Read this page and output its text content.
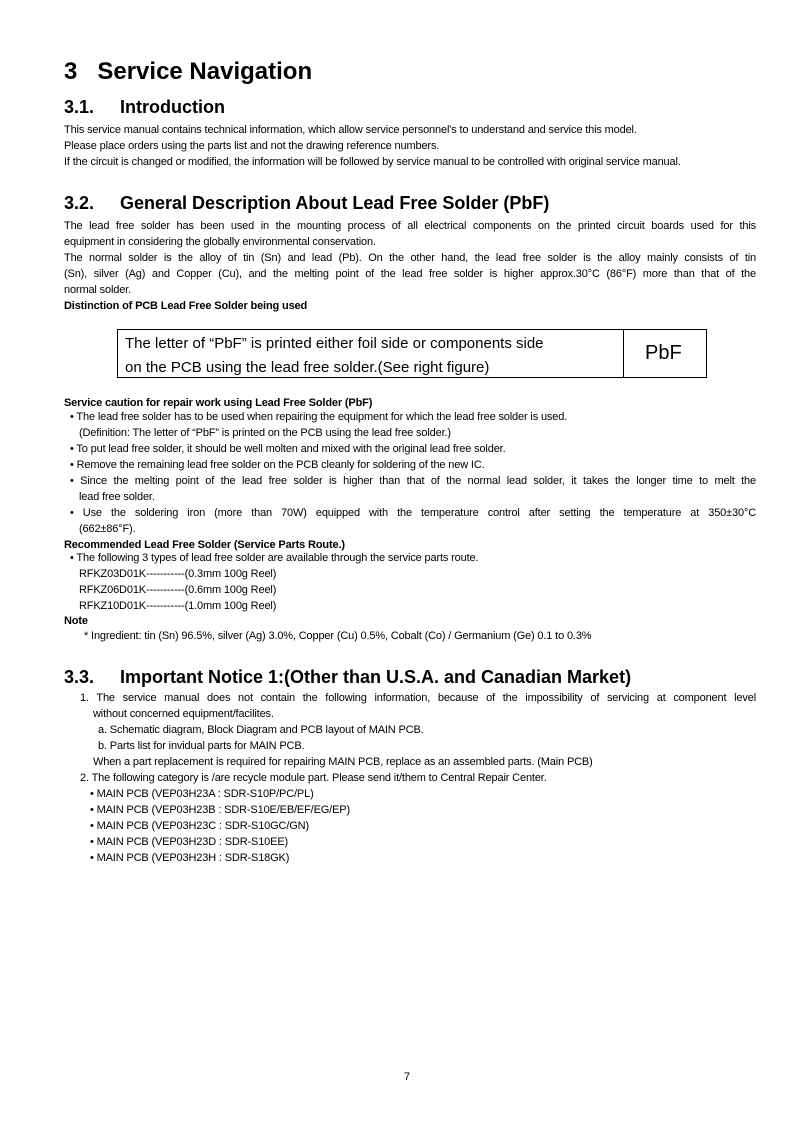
3   Service Navigation
3.1. Introduction
This service manual contains technical information, which allow service personnel's to understand and service this model.
Please place orders using the parts list and not the drawing reference numbers.
If the circuit is changed or modified, the information will be followed by service manual to be controlled with original service manual.
3.2. General Description About Lead Free Solder (PbF)
The lead free solder has been used in the mounting process of all electrical components on the printed circuit boards used for this
equipment in considering the globally environmental conservation.
The normal solder is the alloy of tin (Sn) and lead (Pb). On the other hand, the lead free solder is the alloy mainly consists of tin
(Sn), silver (Ag) and Copper (Cu), and the melting point of the lead free solder is higher approx.30°C (86°F) more than that of the
normal solder.
Distinction of PCB Lead Free Solder being used
The letter of “PbF” is printed either foil side or components side
on the PCB using the lead free solder.(See right figure)
PbF
Service caution for repair work using Lead Free Solder (PbF)
• The lead free solder has to be used when repairing the equipment for which the lead free solder is used.
(Definition: The letter of “PbF” is printed on the PCB using the lead free solder.)
• To put lead free solder, it should be well molten and mixed with the original lead free solder.
• Remove the remaining lead free solder on the PCB cleanly for soldering of the new IC.
• Since the melting point of the lead free solder is higher than that of the normal lead solder, it takes the longer time to melt the
lead free solder.
• Use the soldering iron (more than 70W) equipped with the temperature control after setting the temperature at 350±30°C
(662±86°F).
Recommended Lead Free Solder (Service Parts Route.)
• The following 3 types of lead free solder are available through the service parts route.
RFKZ03D01K-----------(0.3mm 100g Reel)
RFKZ06D01K-----------(0.6mm 100g Reel)
RFKZ10D01K-----------(1.0mm 100g Reel)
Note
* Ingredient: tin (Sn) 96.5%, silver (Ag) 3.0%, Copper (Cu) 0.5%, Cobalt (Co) / Germanium (Ge) 0.1 to 0.3%
3.3. Important Notice 1:(Other than U.S.A. and Canadian Market)
1. The service manual does not contain the following information, because of the impossibility of servicing at component level
without concerned equipment/facilites.
a. Schematic diagram, Block Diagram and PCB layout of MAIN PCB.
b. Parts list for invidual parts for MAIN PCB.
When a part replacement is required for repairing MAIN PCB, replace as an assembled parts. (Main PCB)
2. The following category is /are recycle module part. Please send it/them to Central Repair Center.
• MAIN PCB (VEP03H23A : SDR-S10P/PC/PL)
• MAIN PCB (VEP03H23B : SDR-S10E/EB/EF/EG/EP)
• MAIN PCB (VEP03H23C : SDR-S10GC/GN)
• MAIN PCB (VEP03H23D : SDR-S10EE)
• MAIN PCB (VEP03H23H : SDR-S18GK)
7
